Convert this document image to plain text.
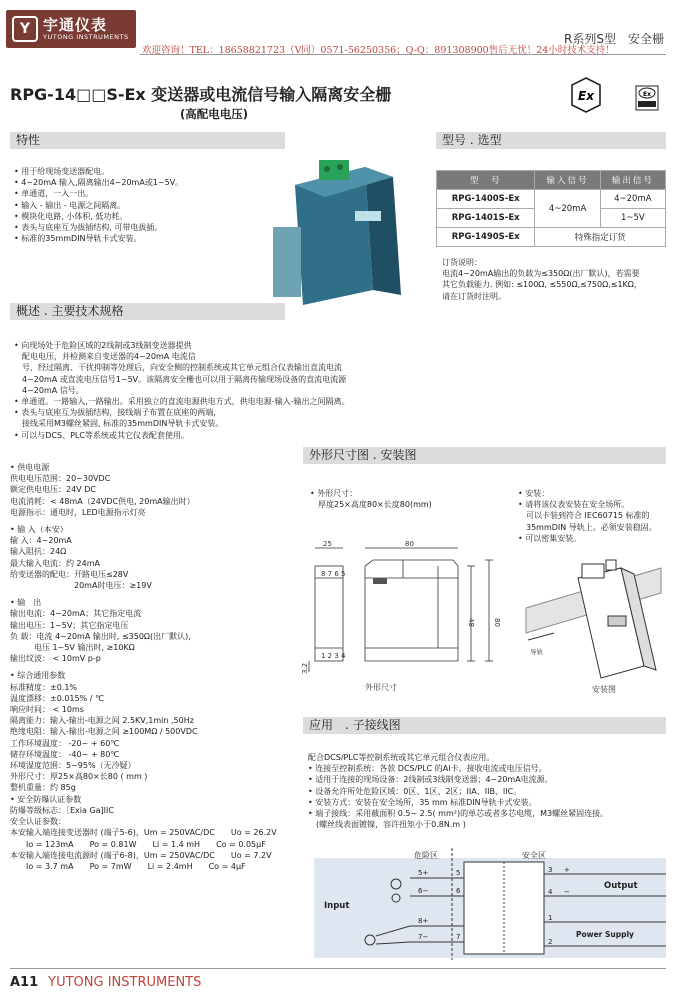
Y 宇通仪表
YUTONG INSTRUMENTS	R系列S型　安全栅
欢迎咨询！TEL：18658821723（V同）0571-56250356；Q-Q：891308900售后无忧！24小时技术支持！
RPG-14□□S-Ex 变送器或电流信号输入隔离安全栅
(高配电电压)
Ex	Ex
特性
• 用于给现场变送器配电。
• 4~20mA 输入,隔离输出4~20mA或1~5V。
• 单通道，一入一出。
• 输入 - 输出 - 电源之间隔离。
• 模块化电路, 小体积, 低功耗。
• 表头与底座互为拔插结构, 可带电拔插。
• 标准的35mmDIN导轨卡式安装。
型号 . 选型
型　号	输入信号	输出信号
RPG-1400S-Ex	4~20mA	4~20mA
RPG-1401S-Ex		1~5V
RPG-1490S-Ex	特殊指定订货	
订货说明：
电流4~20mA输出的负载为≤350Ω(出厂默认)，若需要
其它负载能力. 例如: ≤100Ω, ≤550Ω,≤750Ω,≤1KΩ，
请在订货时注明。
概述 . 主要技术规格
• 向现场处于危险区域的2线制或3线制变送器提供
　配电电压，并检测来自变送器的4~20mA 电流信
　号，经过隔离、干扰抑制等处理后，向安全侧的控制系统或其它单元组合仪表输出直流电流
　4~20mA 或直流电压信号1~5V。该隔离安全栅也可以用于隔离传输现场设备的直流电流源
　4~20mA 信号。
• 单通道。一路输入,一路输出。采用独立的直流电源供电方式，供电电源-输入-输出之间隔离。
• 表头与底座互为拔插结构，接线端子布置在底座的两端，
　接线采用M3螺丝紧固, 标准的35mmDIN导轨卡式安装。
• 可以与DCS、PLC等系统或其它仪表配套使用。
• 供电电源
供电电压范围：20~30VDC
额定供电电压：24V DC
电流消耗：< 48mA（24VDC供电, 20mA输出时）
电源指示：通电时，LED电源指示灯亮
• 输 入（本安）
输 入：4~20mA
输入阻抗：24Ω
最大输入电流：约 24mA
给变送器的配电：开路电压≤28V
　　　　　　　　20mA时电压：≥19V
• 输　出
输出电流：4~20mA；其它指定电流
输出电压：1~5V；其它指定电压
负 载：电流 4~20mA 输出时, ≤350Ω(出厂默认),
　　　电压 1~5V 输出时, ≥10KΩ
输出纹波： < 10mV p-p
• 综合通用参数
标准精度：±0.1%
温度漂移：±0.015% / ℃
响应时间： < 10ms
隔离能力：输入-输出-电源之间 2.5KV,1min ,50Hz
绝缘电阻：输入-输出-电源之间 ≥100MΩ / 500VDC
工作环境温度： -20~ + 60℃
储存环境温度： -40~ + 80℃
环境湿度范围：5~95%（无冷疑）
外形尺寸：厚25×高80×长80 ( mm )
整机重量：约 85g
• 安全防爆认证参数
防爆等级标志：［Exia Ga]IIC
安全认证参数：
本安输入端连接变送器时 (端子5-6)，Um = 250VAC/DC　　Uo = 26.2V
　　Io = 123mA　　Po = 0.81W　　Li = 1.4 mH　　Co = 0.05μF
本安输入端连接电流源时 (端子6-8)，Um = 250VAC/DC　　Uo = 7.2V
　　Io = 3.7 mA　　Po = 7mW　　Li = 2.4mH　　Co = 4μF
外形尺寸图 . 安装图
• 外形尺寸：
厚度25×高度80×长度80(mm)
• 安装：
• 请将该仪表安装在安全场所。
　可以卡装到符合 IEC60715 标准的
　35mmDIN 导轨上。必须安装稳固。
• 可以密集安装。
8 7 6 5
1 2 3 4
25	80
48	80
3.2
外形尺寸
导轨
安装图
应用　. 子接线图
配合DCS/PLC等控制系统或其它单元组合仪表应用。
• 连接至控制系统：各款 DCS/PLC 的AI卡。接收电流或电压信号。
• 适用于连接的现场设备：2线制或3线制变送器；4~20mA电流源。
• 设备允许所处危险区域：0区、1区、2区；IIA、IIB、IIC。
• 安装方式：安装在安全场所，35 mm 标准DIN导轨卡式安装。
• 端子接线：采用截面积 0.5~ 2.5( mm²)的单芯或者多芯电缆，M3螺丝紧固连接。
　(螺丝线表面镀镍，容许扭矩小于0.8N.m )
危险区	安全区
Input
5+
6−
8+
7−
5
6
7
3
4
1
2
+
−
Output
Power Supply
A11 YUTONG INSTRUMENTS
